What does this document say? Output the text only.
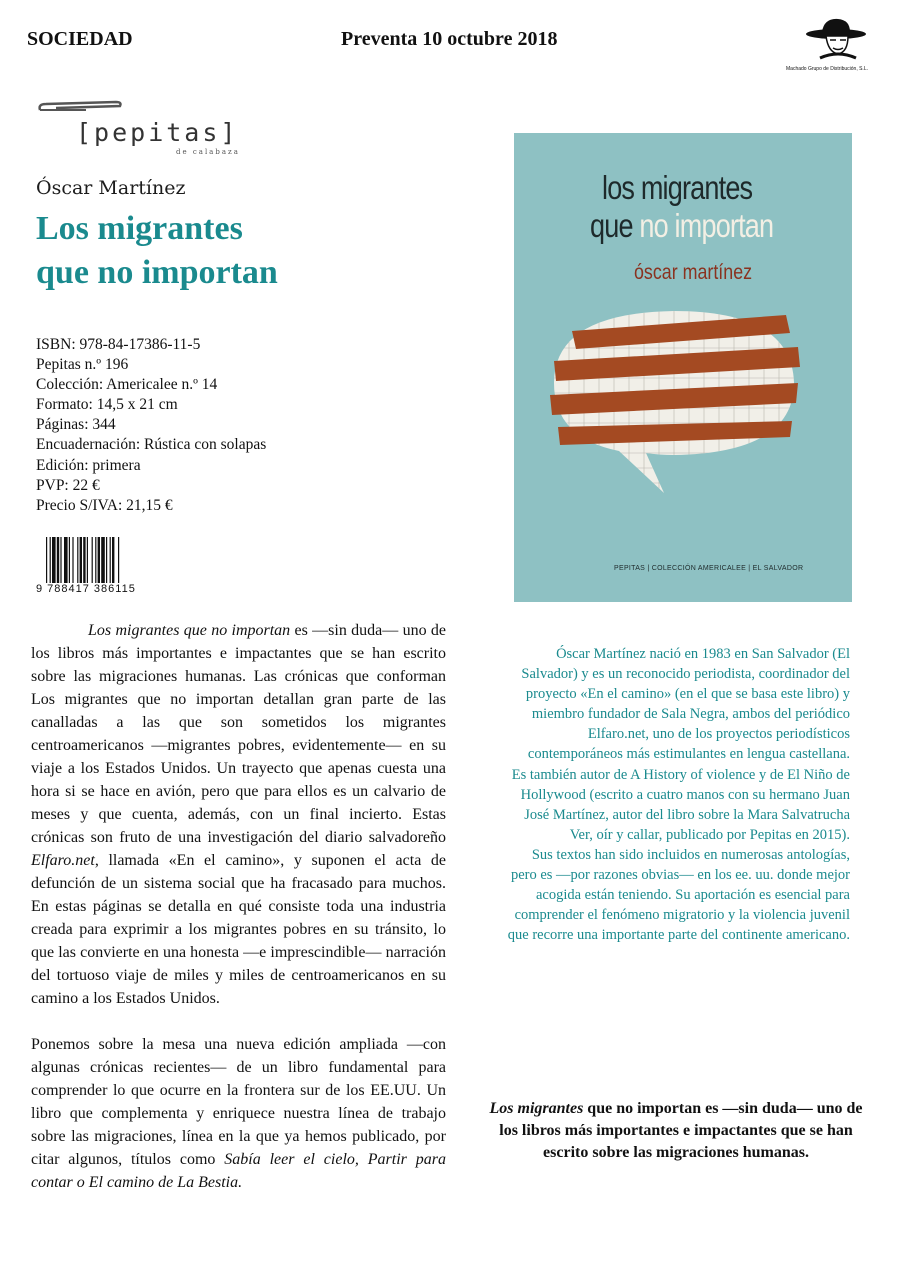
SOCIEDAD	Preventa 10 octubre 2018
Machado Grupo de Distribución, S.L.
[pepitas]
de calabaza
Óscar Martínez
Los migrantes
que no importan
ISBN: 978-84-17386-11-5
Pepitas n.º 196
Colección: Americalee n.º 14
Formato: 14,5 x 21 cm
Páginas: 344
Encuadernación: Rústica con solapas
Edición: primera
PVP: 22 €
Precio S/IVA: 21,15 €
9 788417 386115
los migrantes
que no importan
óscar martínez
PEPITAS | COLECCIÓN AMERICALEE | EL SALVADOR

Los migrantes que no importan es —sin duda— uno de los libros más importantes e impactantes que se han escrito sobre las migraciones humanas. Las crónicas que conforman Los migrantes que no importan detallan gran parte de las canalladas a las que son sometidos los migrantes centroamericanos —migrantes pobres, evidentemente— en su viaje a los Estados Unidos. Un trayecto que apenas cuesta una hora si se hace en avión, pero que para ellos es un calvario de meses y que cuenta, además, con un final incierto. Estas crónicas son fruto de una investigación del diario salvadoreño Elfaro.net, llamada «En el camino», y suponen el acta de defunción de un sistema social que ha fracasado para muchos. En estas páginas se detalla en qué consiste toda una industria creada para exprimir a los migrantes pobres en su tránsito, lo que las convierte en una honesta —e imprescindible— narración del tortuoso viaje de miles y miles de centroamericanos en su camino a los Estados Unidos.

Ponemos sobre la mesa una nueva edición ampliada —con algunas crónicas recientes— de un libro fundamental para comprender lo que ocurre en la frontera sur de los EE.UU. Un libro que complementa y enriquece nuestra línea de trabajo sobre las migraciones, línea en la que ya hemos publicado, por citar algunos, títulos como Sabía leer el cielo, Partir para contar o El camino de La Bestia.

Óscar Martínez nació en 1983 en San Salvador (El Salvador) y es un reconocido periodista, coordinador del proyecto «En el camino» (en el que se basa este libro) y miembro fundador de Sala Negra, ambos del periódico Elfaro.net, uno de los proyectos periodísticos contemporáneos más estimulantes en lengua castellana.
Es también autor de A History of violence y de El Niño de Hollywood (escrito a cuatro manos con su hermano Juan José Martínez, autor del libro sobre la Mara Salvatrucha Ver, oír y callar, publicado por Pepitas en 2015).
Sus textos han sido incluidos en numerosas antologías, pero es —por razones obvias— en los ee. uu. donde mejor acogida están teniendo. Su aportación es esencial para comprender el fenómeno migratorio y la violencia juvenil que recorre una importante parte del continente americano.
Los migrantes que no importan es —sin duda— uno de los libros más importantes e impactantes que se han escrito sobre las migraciones humanas.
